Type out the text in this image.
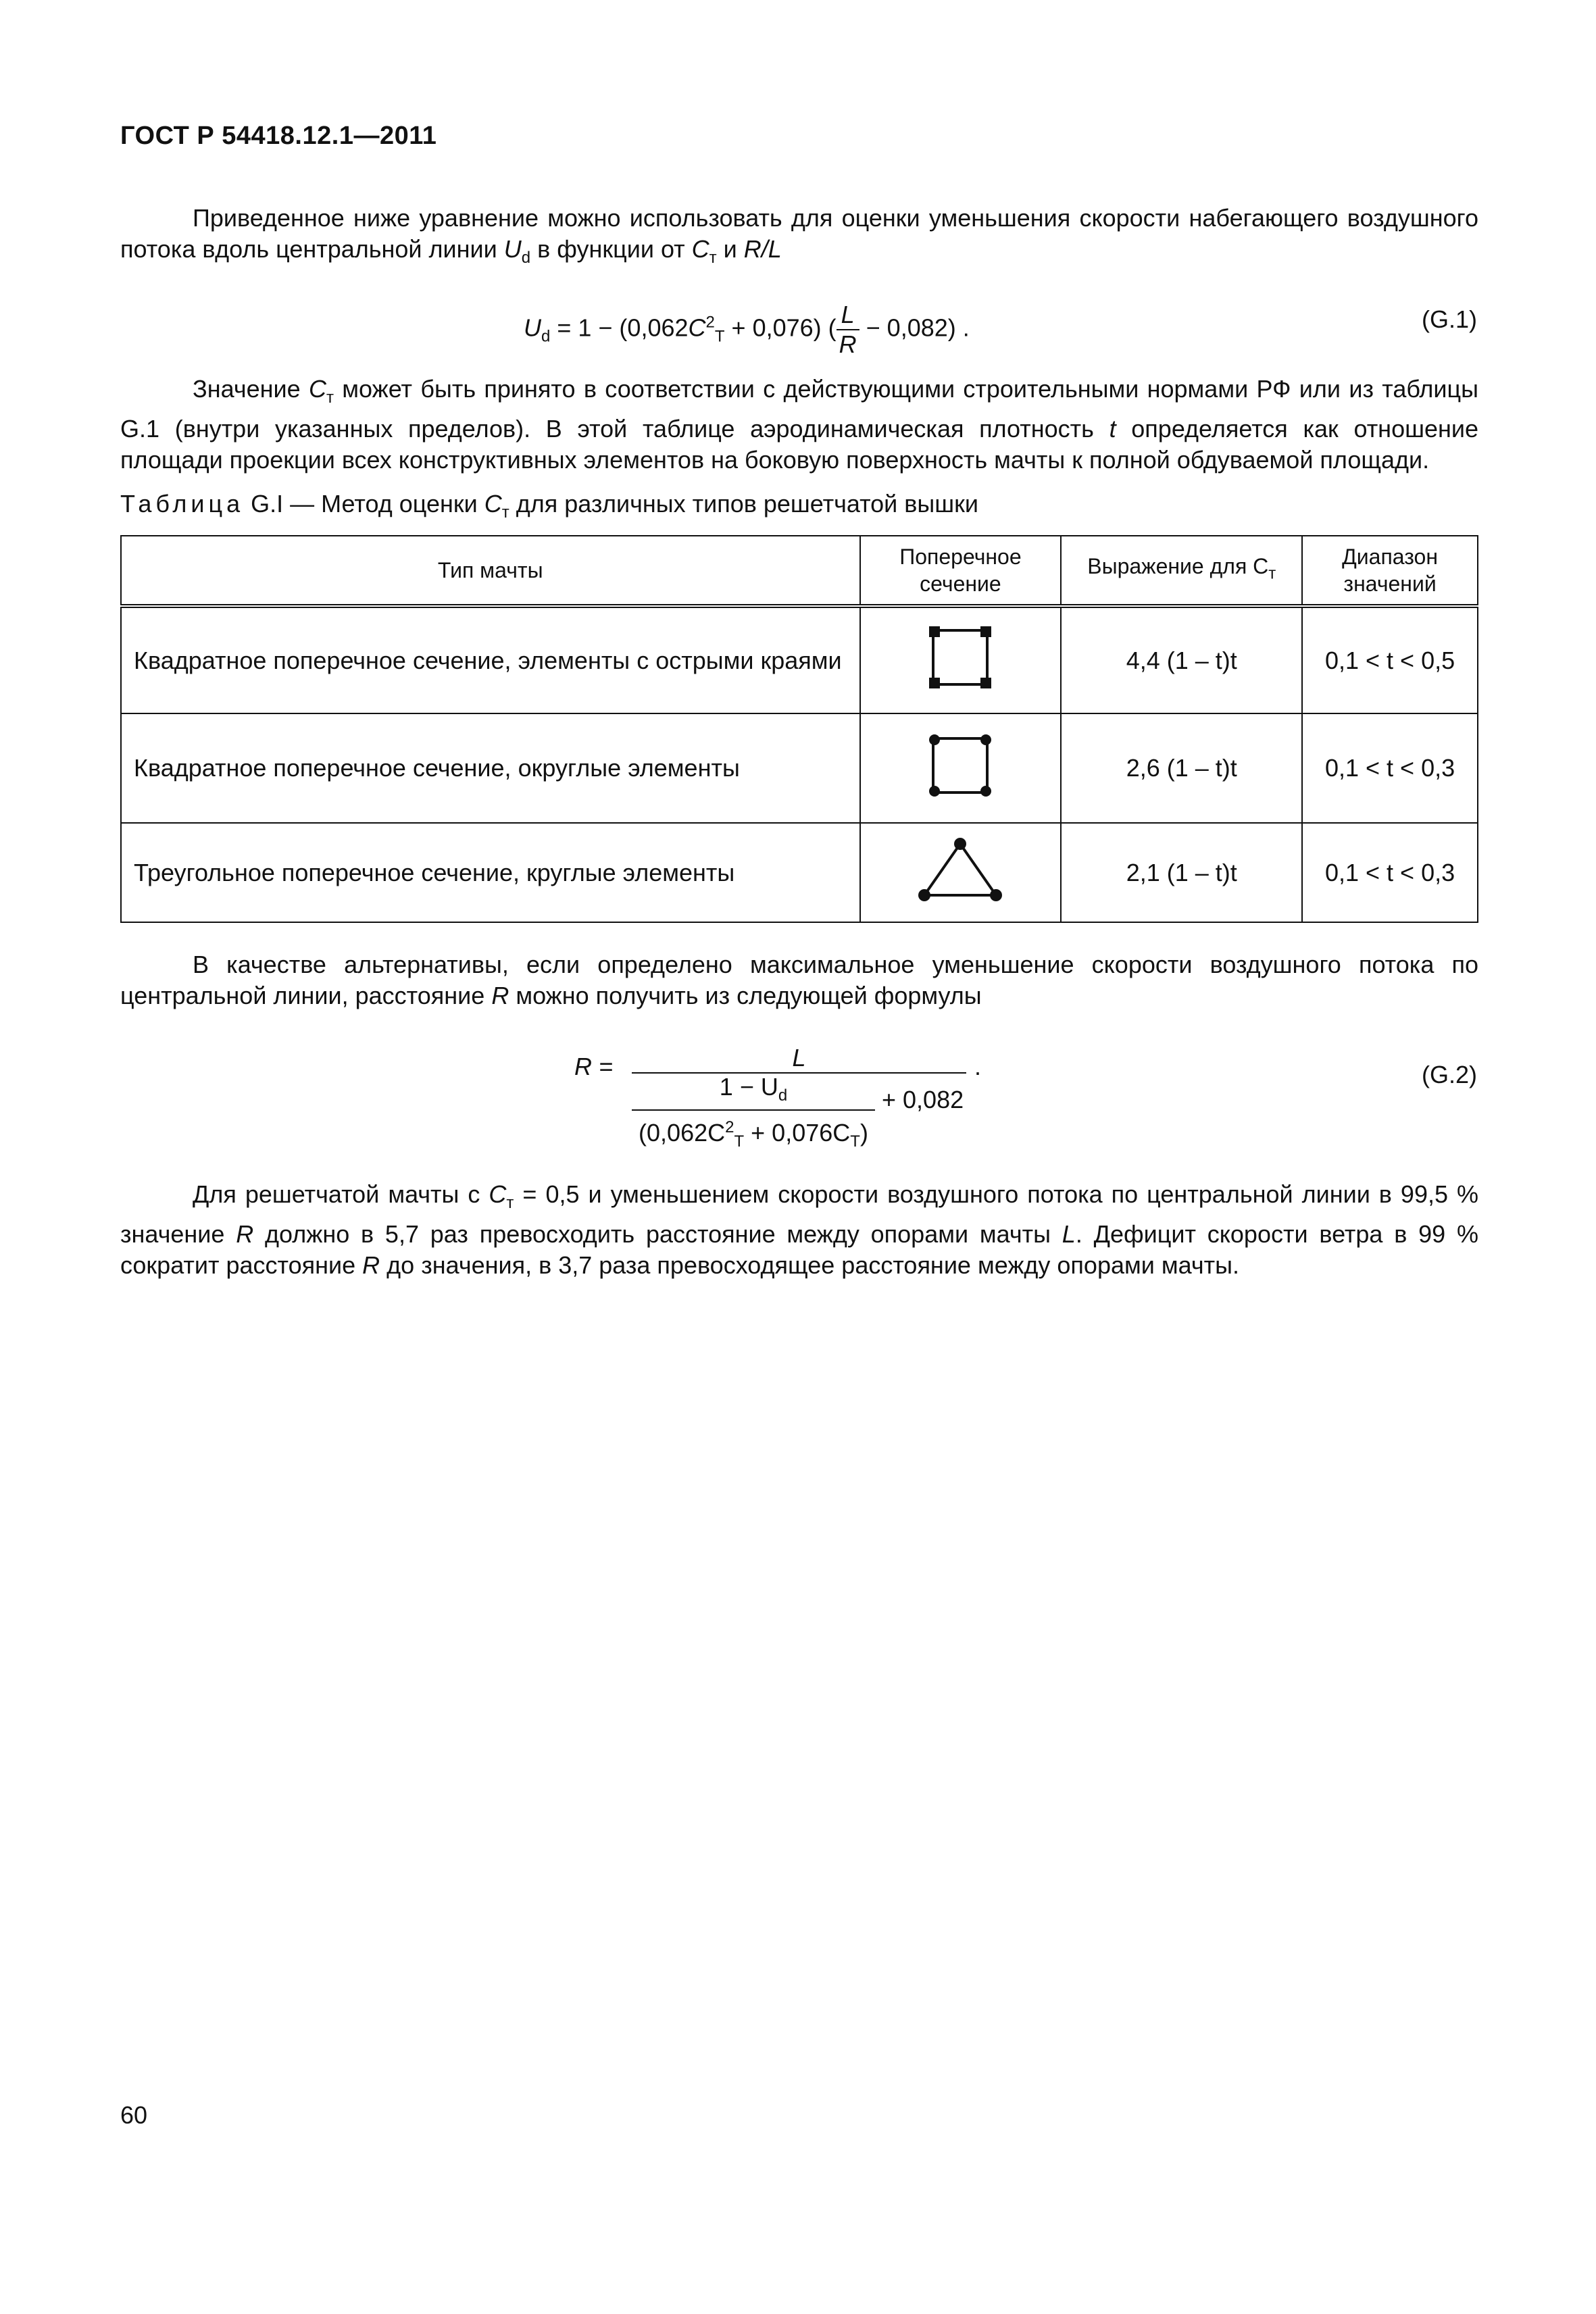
ГОСТ Р 54418.12.1—2011
Приведенное ниже уравнение можно использовать для оценки уменьшения скорости набегающего воздушного потока вдоль центральной линии $U_d$ в функции от $C_т$ и R/L
$U_d = 1 - (0,062C^2_T + 0,076)$ ( $\frac{L}{R} - 0,082$) .	(G.1)
Значение $C_т$ может быть принято в соответствии с действующими строительными нормами РФ или из таблицы G.1 (внутри указанных пределов). В этой таблице аэродинамическая плотность t определяется как отношение площади проекции всех конструктивных элементов на боковую поверхность мачты к полной обдуваемой площади.
Таблица G.I — Метод оценки $C_т$ для различных типов решетчатой вышки
Тип мачты	Поперечное сечение	Выражение для $C_т$	Диапазон значений
Квадратное поперечное сечение, элементы с острыми краями		4,4 (1 – t)t	0,1 < t < 0,5
Квадратное поперечное сечение, округлые элементы		2,6 (1 – t)t	0,1 < t < 0,3
Треугольное поперечное сечение, круглые элементы		2,1 (1 – t)t	0,1 < t < 0,3
В качестве альтернативы, если определено максимальное уменьшение скорости воздушного потока по центральной линии, расстояние R можно получить из следующей формулы
R =	L
$1 - U_d$
$(0,062C^2_T + 0,076C_T)$
+ 0,082
.	(G.2)
Для решетчатой мачты с $C_т = 0,5$ и уменьшением скорости воздушного потока по центральной линии в 99,5 % значение R должно в 5,7 раз превосходить расстояние между опорами мачты L. Дефицит скорости ветра в 99 % сократит расстояние R до значения, в 3,7 раза превосходящее расстояние между опорами мачты.
60
